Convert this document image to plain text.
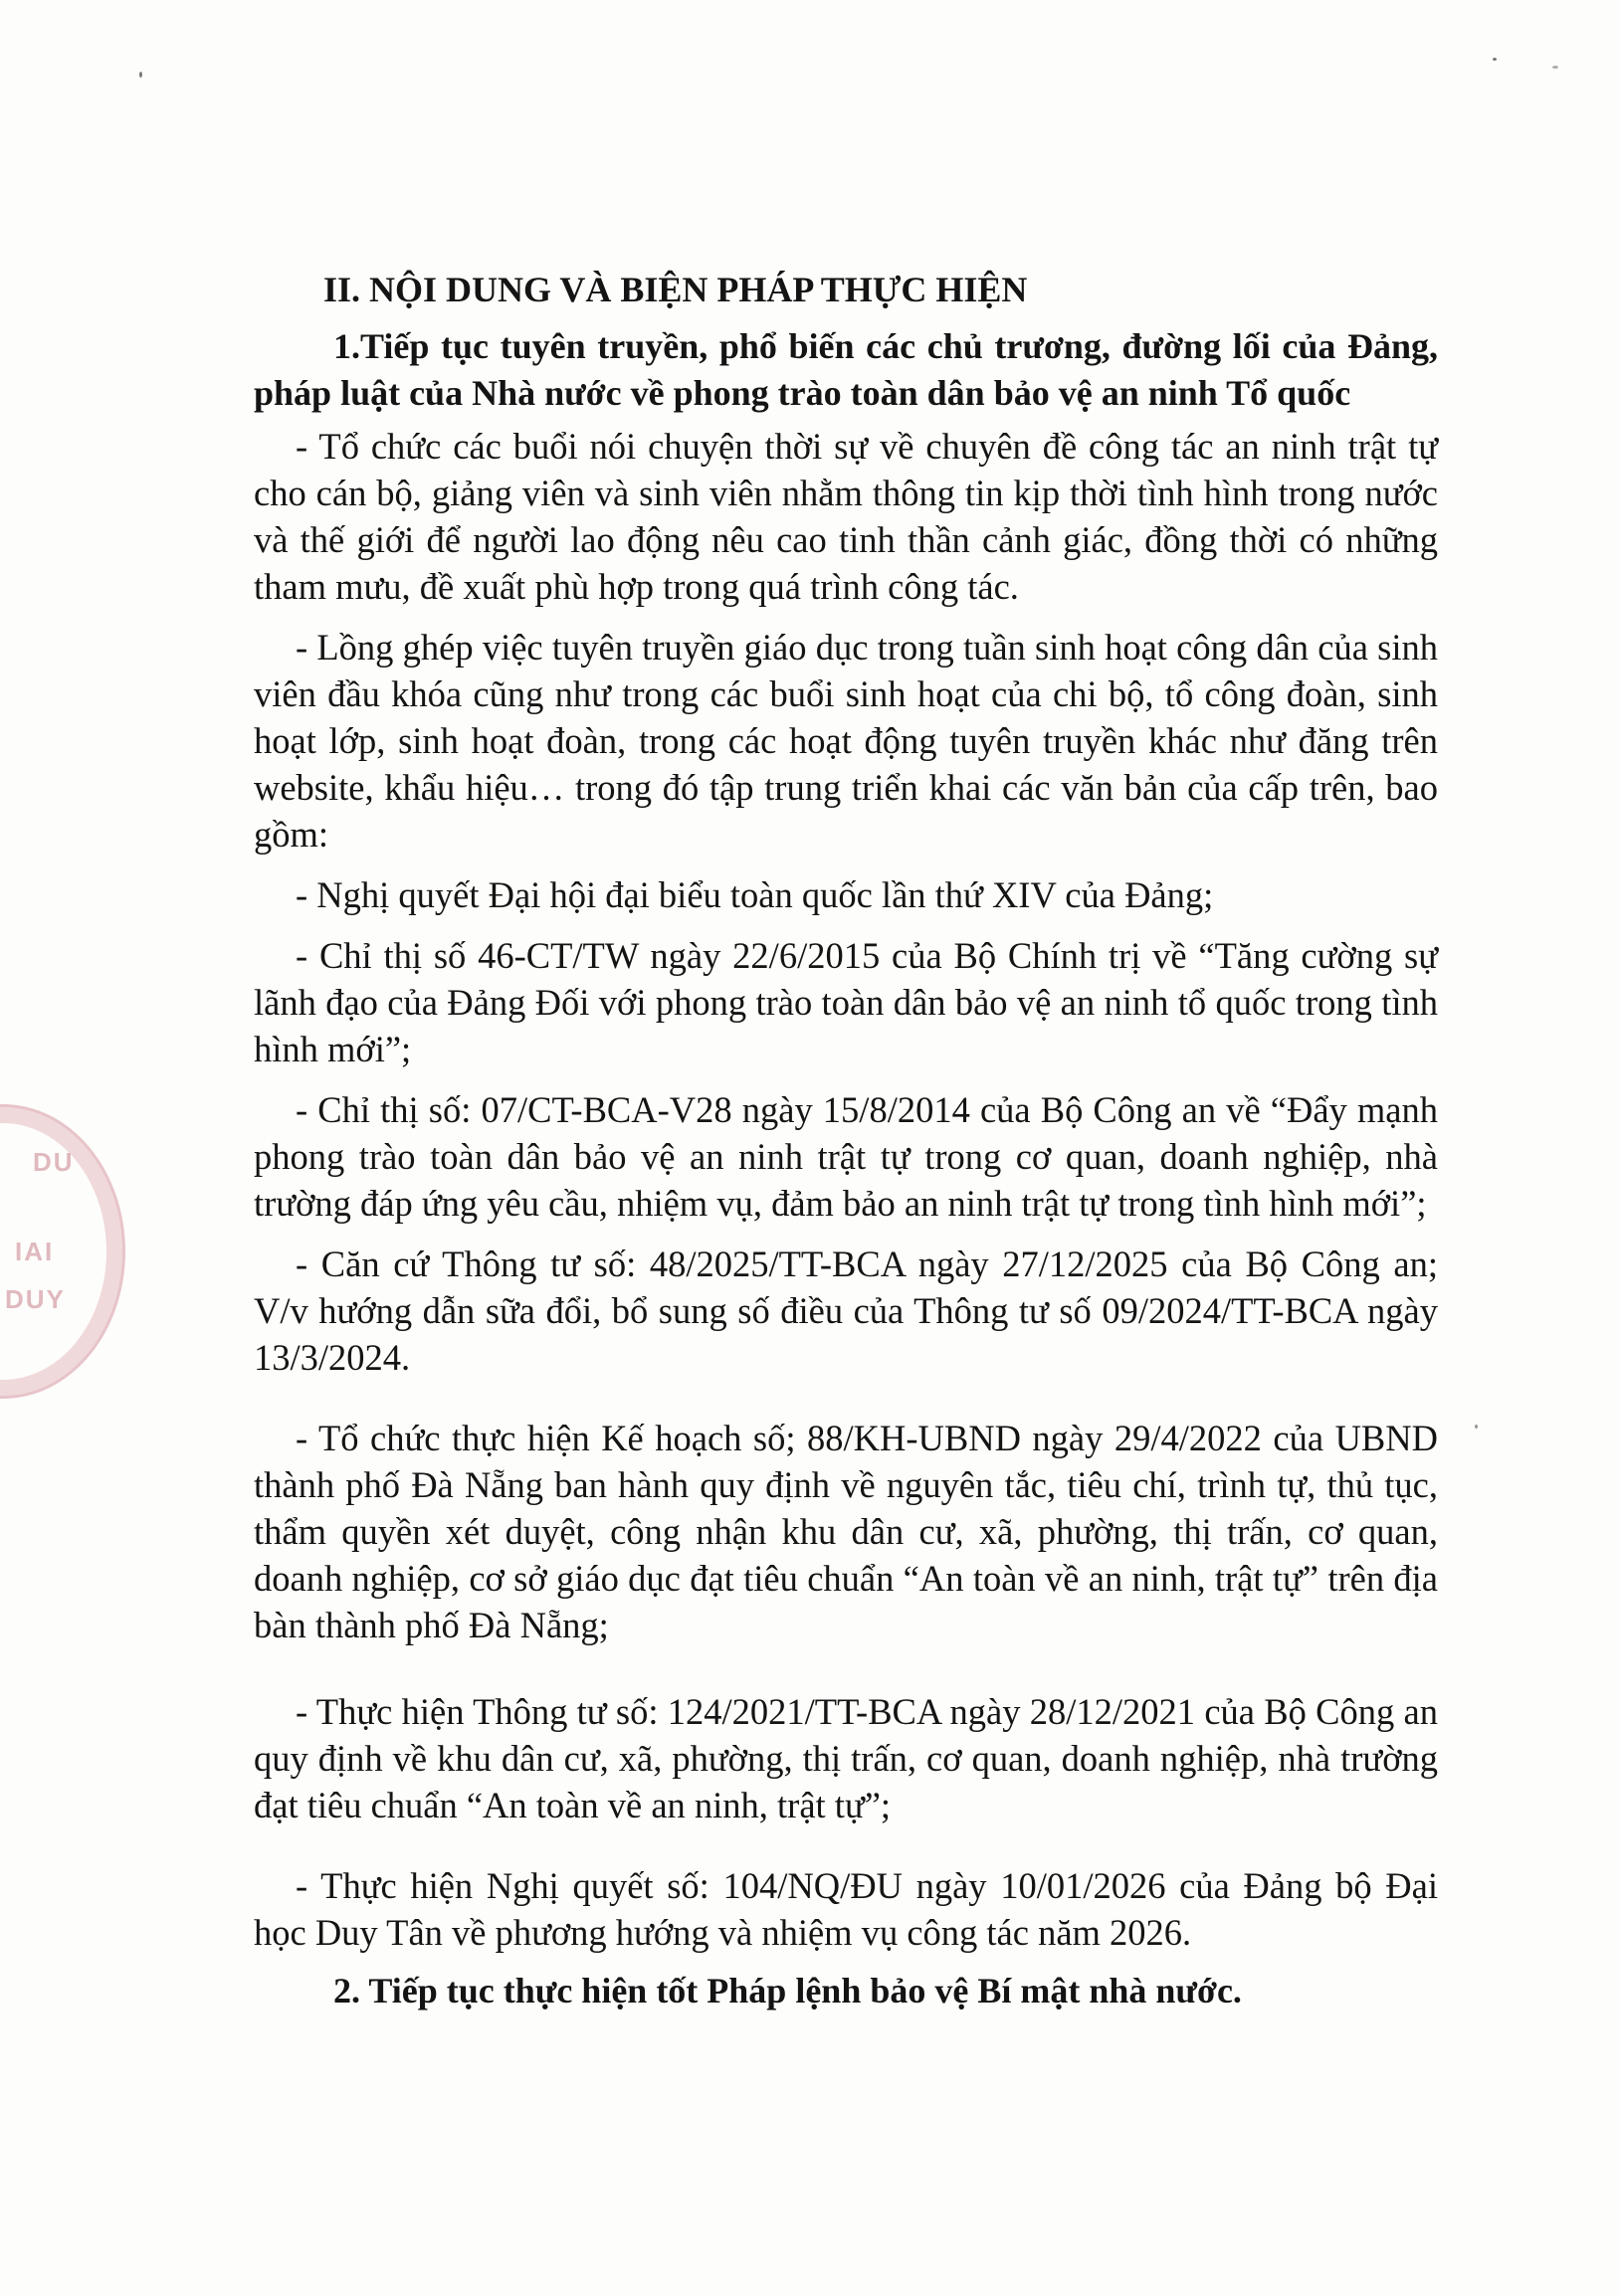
DU
IAI
DUY
II. NỘI DUNG VÀ BIỆN PHÁP THỰC HIỆN
1.Tiếp tục tuyên truyền, phổ biến các chủ trương, đường lối của Đảng, pháp luật của Nhà nước về phong trào toàn dân bảo vệ an ninh Tổ quốc

- Tổ chức các buổi nói chuyện thời sự về chuyên đề công tác an ninh trật tự cho cán bộ, giảng viên và sinh viên nhằm thông tin kịp thời tình hình trong nước và thế giới để người lao động nêu cao tinh thần cảnh giác, đồng thời có những tham mưu, đề xuất phù hợp trong quá trình công tác.

- Lồng ghép việc tuyên truyền giáo dục trong tuần sinh hoạt công dân của sinh viên đầu khóa cũng như trong các buổi sinh hoạt của chi bộ, tổ công đoàn, sinh hoạt lớp, sinh hoạt đoàn, trong các hoạt động tuyên truyền khác như đăng trên website, khẩu hiệu… trong đó tập trung triển khai các văn bản của cấp trên, bao gồm:

- Nghị quyết Đại hội đại biểu toàn quốc lần thứ XIV của Đảng;

- Chỉ thị số 46-CT/TW ngày 22/6/2015 của Bộ Chính trị về “Tăng cường sự lãnh đạo của Đảng Đối với phong trào toàn dân bảo vệ an ninh tổ quốc trong tình hình mới”;

- Chỉ thị số: 07/CT-BCA-V28 ngày 15/8/2014 của Bộ Công an về “Đẩy mạnh phong trào toàn dân bảo vệ an ninh trật tự trong cơ quan, doanh nghiệp, nhà trường đáp ứng yêu cầu, nhiệm vụ, đảm bảo an ninh trật tự trong tình hình mới”;

- Căn cứ Thông tư số: 48/2025/TT-BCA ngày 27/12/2025 của Bộ Công an; V/v hướng dẫn sữa đổi, bổ sung số điều của Thông tư số 09/2024/TT-BCA ngày 13/3/2024.

- Tổ chức thực hiện Kế hoạch số; 88/KH-UBND ngày 29/4/2022 của UBND thành phố Đà Nẵng ban hành quy định về nguyên tắc, tiêu chí, trình tự, thủ tục, thẩm quyền xét duyệt, công nhận khu dân cư, xã, phường, thị trấn, cơ quan, doanh nghiệp, cơ sở giáo dục đạt tiêu chuẩn “An toàn về an ninh, trật tự” trên địa bàn thành phố Đà Nẵng;

- Thực hiện Thông tư số: 124/2021/TT-BCA ngày 28/12/2021 của Bộ Công an quy định về khu dân cư, xã, phường, thị trấn, cơ quan, doanh nghiệp, nhà trường đạt tiêu chuẩn “An toàn về an ninh, trật tự”;

- Thực hiện Nghị quyết số: 104/NQ/ĐU ngày 10/01/2026 của Đảng bộ Đại học Duy Tân về phương hướng và nhiệm vụ công tác năm 2026.

2. Tiếp tục thực hiện tốt Pháp lệnh bảo vệ Bí mật nhà nước.
